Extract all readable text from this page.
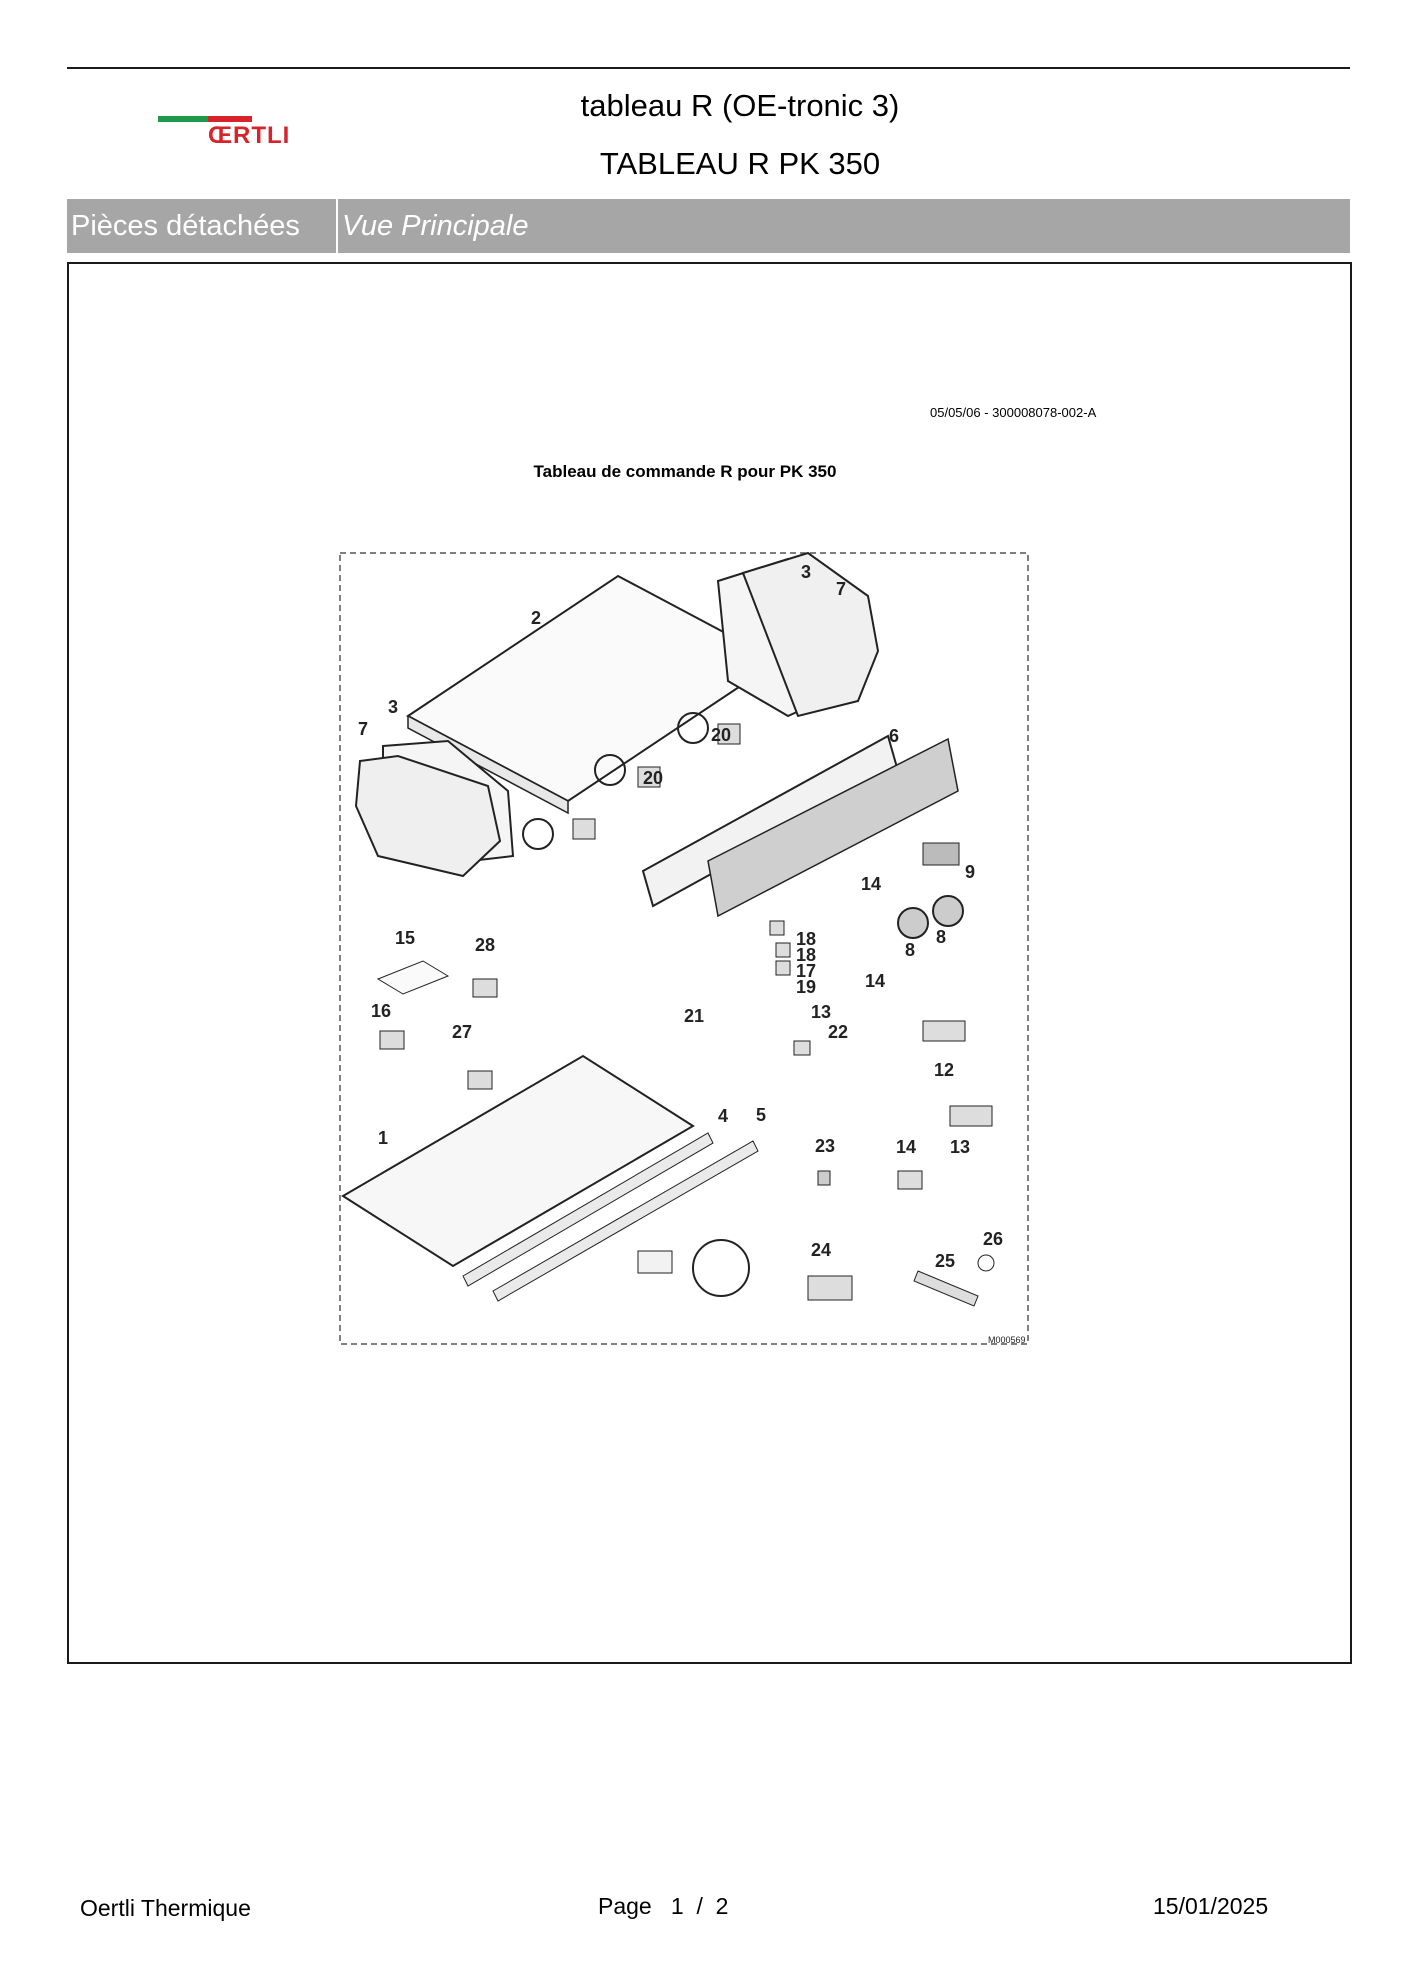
ŒRTLI
tableau R (OE-tronic 3)
TABLEAU R PK 350
Pièces détachées	Vue Principale
05/05/06 - 300008078-002-A
Tableau de commande R pour PK 350
2
3
3
7
7	20
20
6
9
14
8
8
18
18
17
19	14
13
22
21
15	28
16
27
12
13
1
4 5
23	14
24
25
26
M000569
Oertli Thermique	Page   1  /  2	15/01/2025
